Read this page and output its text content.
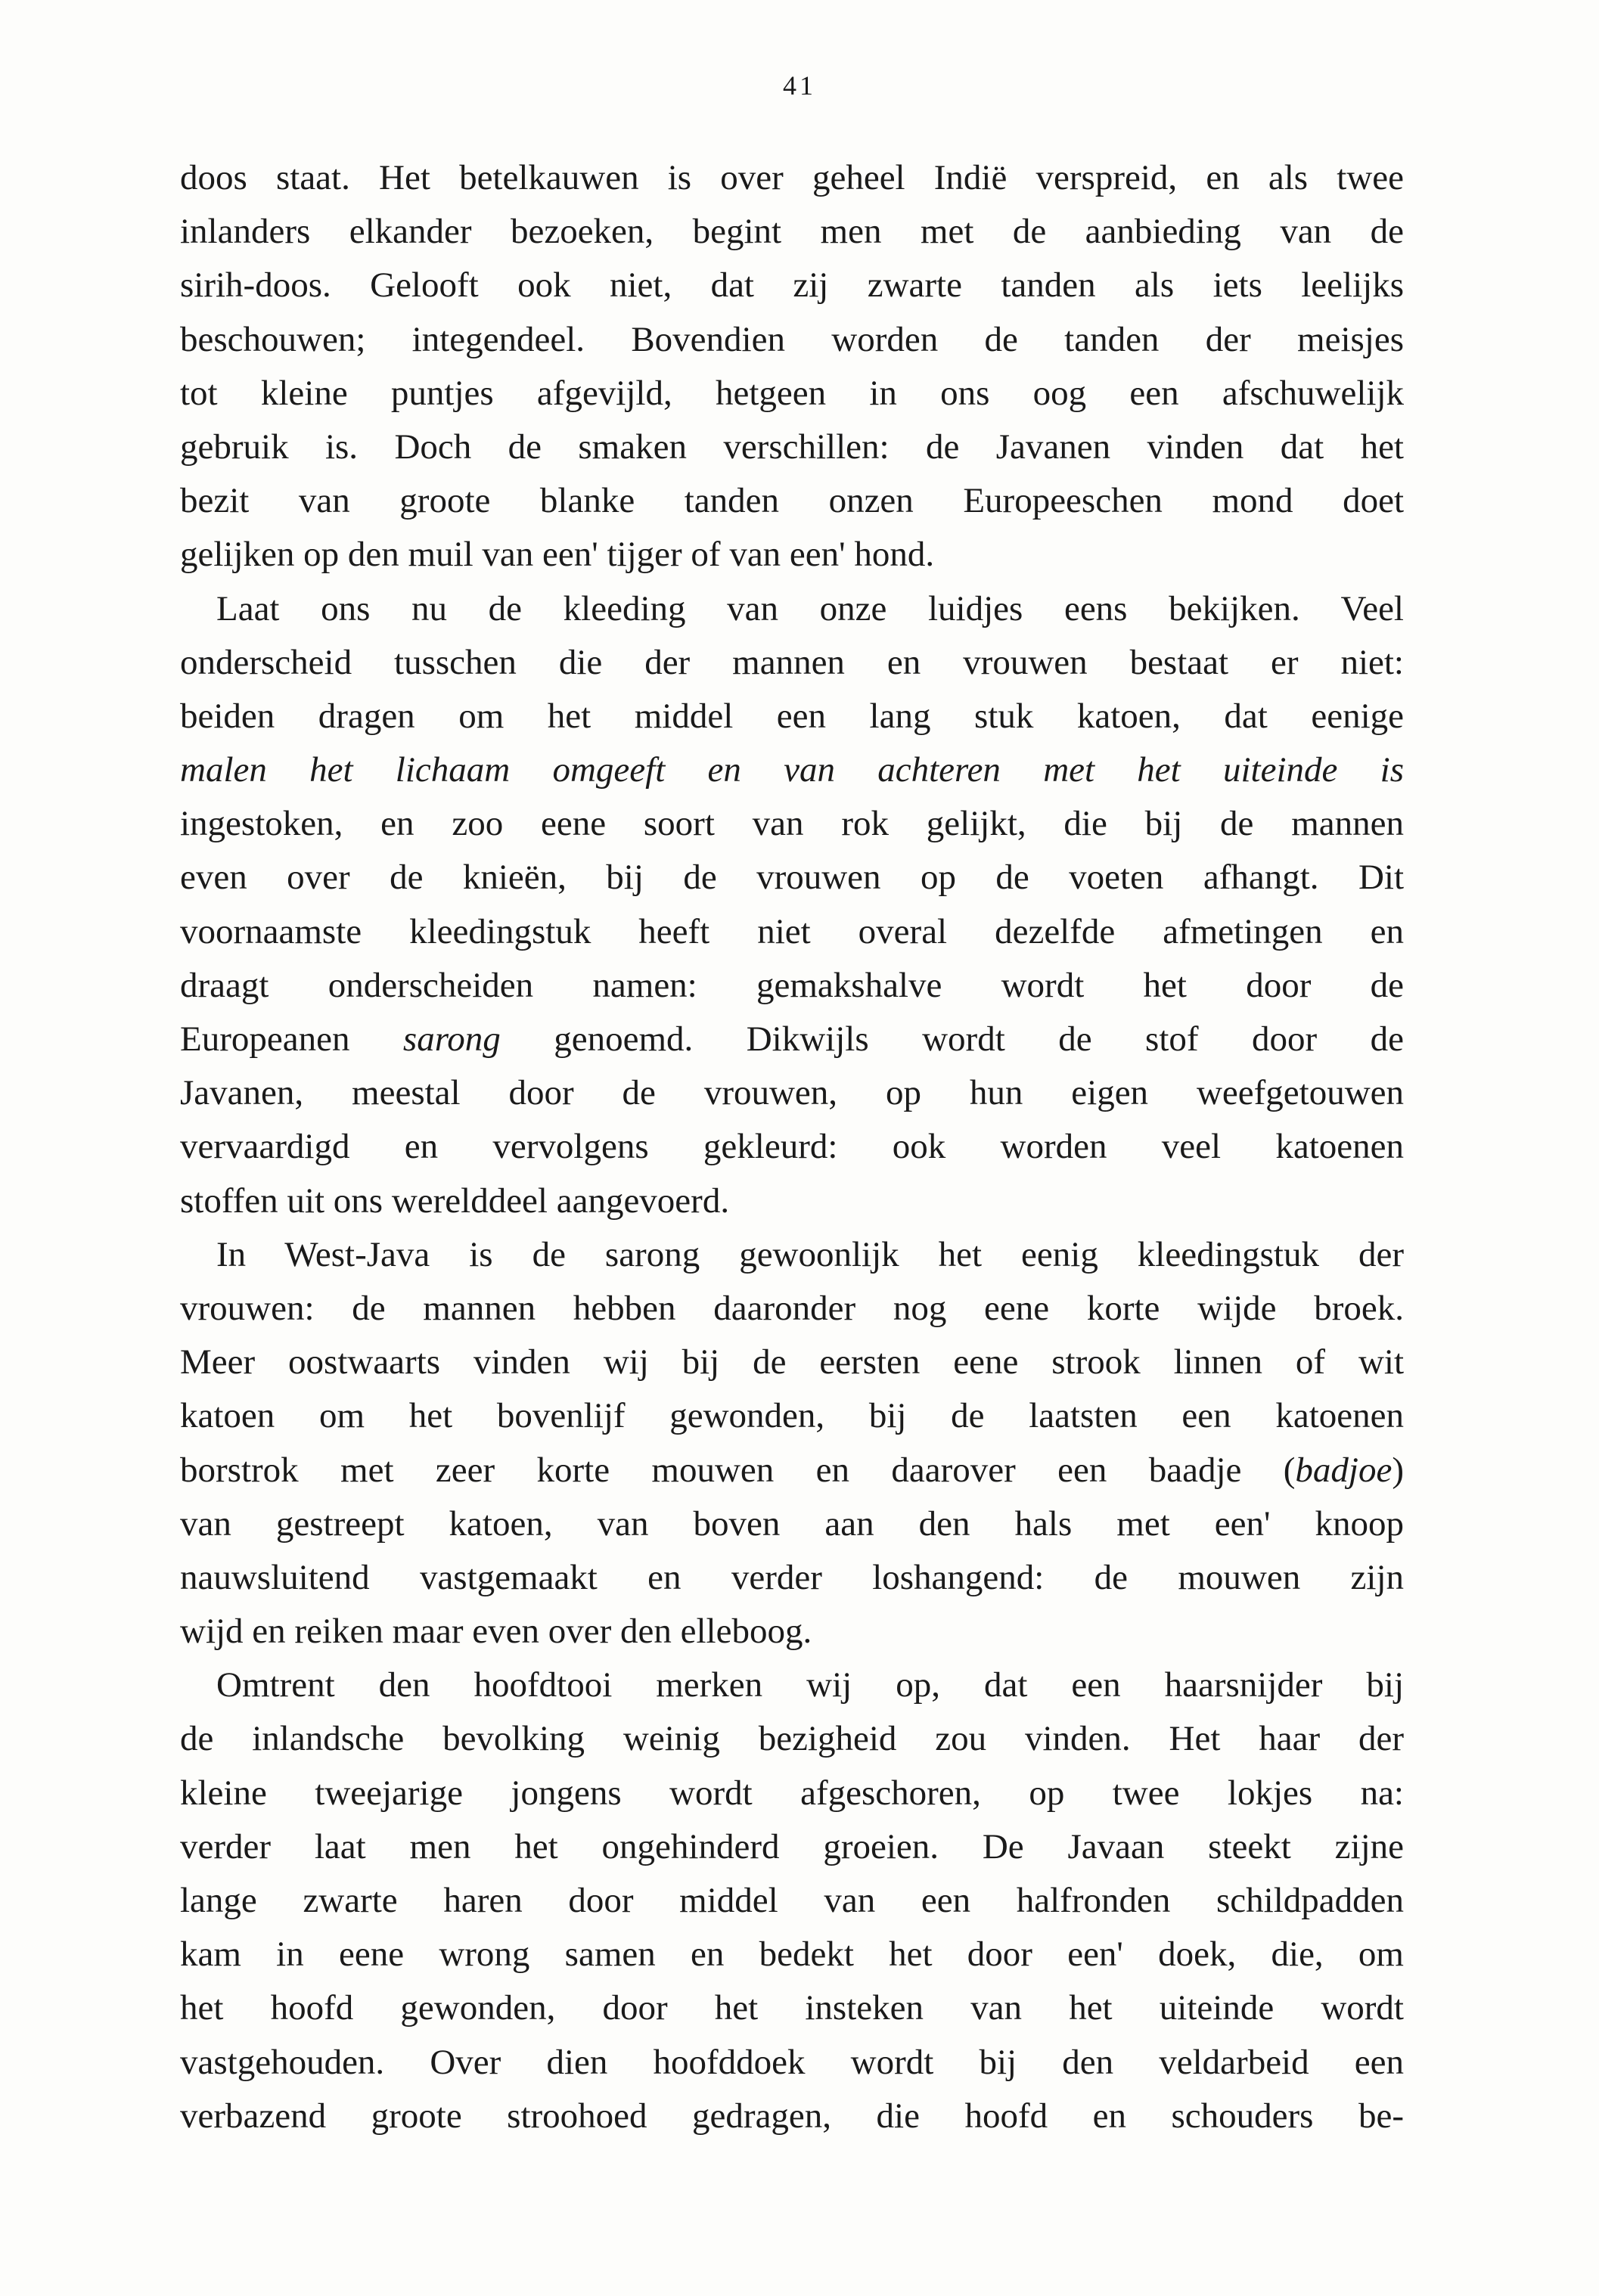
41
doos staat. Het betelkauwen is over geheel Indië verspreid, en als twee
inlanders elkander bezoeken, begint men met de aanbieding van de
sirih-doos. Gelooft ook niet, dat zij zwarte tanden als iets leelijks
beschouwen; integendeel. Bovendien worden de tanden der meisjes
tot kleine puntjes afgevijld, hetgeen in ons oog een afschuwelijk
gebruik is. Doch de smaken verschillen: de Javanen vinden dat het
bezit van groote blanke tanden onzen Europeeschen mond doet
gelijken op den muil van een' tijger of van een' hond.
Laat ons nu de kleeding van onze luidjes eens bekijken. Veel
onderscheid tusschen die der mannen en vrouwen bestaat er niet:
beiden dragen om het middel een lang stuk katoen, dat eenige
malen het lichaam omgeeft en van achteren met het uiteinde is
ingestoken, en zoo eene soort van rok gelijkt, die bij de mannen
even over de knieën, bij de vrouwen op de voeten afhangt. Dit
voornaamste kleedingstuk heeft niet overal dezelfde afmetingen en
draagt onderscheiden namen: gemakshalve wordt het door de
Europeanen sarong genoemd. Dikwijls wordt de stof door de
Javanen, meestal door de vrouwen, op hun eigen weefgetouwen
vervaardigd en vervolgens gekleurd: ook worden veel katoenen
stoffen uit ons werelddeel aangevoerd.
In West-Java is de sarong gewoonlijk het eenig kleedingstuk der
vrouwen: de mannen hebben daaronder nog eene korte wijde broek.
Meer oostwaarts vinden wij bij de eersten eene strook linnen of wit
katoen om het bovenlijf gewonden, bij de laatsten een katoenen
borstrok met zeer korte mouwen en daarover een baadje (badjoe)
van gestreept katoen, van boven aan den hals met een' knoop
nauwsluitend vastgemaakt en verder loshangend: de mouwen zijn
wijd en reiken maar even over den elleboog.
Omtrent den hoofdtooi merken wij op, dat een haarsnijder bij
de inlandsche bevolking weinig bezigheid zou vinden. Het haar der
kleine tweejarige jongens wordt afgeschoren, op twee lokjes na:
verder laat men het ongehinderd groeien. De Javaan steekt zijne
lange zwarte haren door middel van een halfronden schildpadden
kam in eene wrong samen en bedekt het door een' doek, die, om
het hoofd gewonden, door het insteken van het uiteinde wordt
vastgehouden. Over dien hoofddoek wordt bij den veldarbeid een
verbazend groote stroohoed gedragen, die hoofd en schouders be-
